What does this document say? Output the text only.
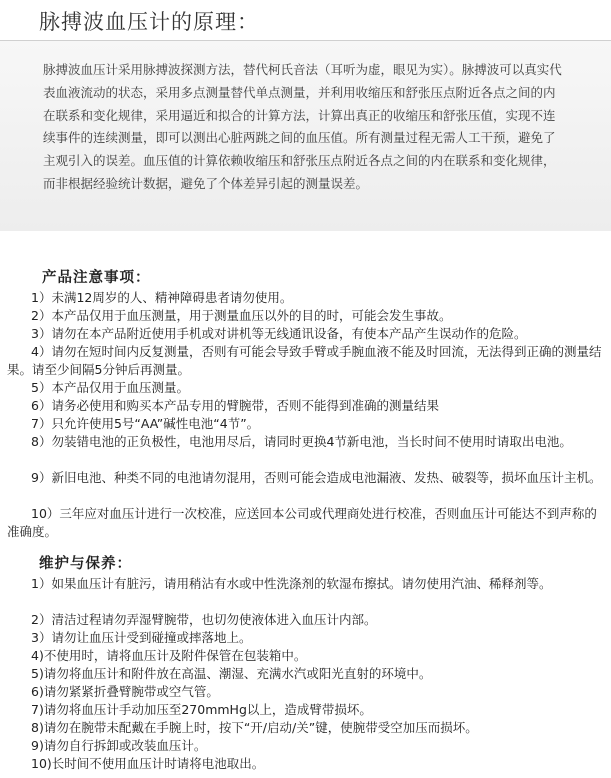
脉搏波血压计的原理：

脉搏波血压计采用脉搏波探测方法，替代柯氏音法（耳听为虚，眼见为实）。脉搏波可以真实代表血液流动的状态，采用多点测量替代单点测量，并利用收缩压和舒张压点附近各点之间的内在联系和变化规律，采用逼近和拟合的计算方法，计算出真正的收缩压和舒张压值，实现不连续事件的连续测量，即可以测出心脏两跳之间的血压值。所有测量过程无需人工干预，避免了主观引入的误差。血压值的计算依赖收缩压和舒张压点附近各点之间的内在联系和变化规律，而非根据经验统计数据，避免了个体差异引起的测量误差。

产品注意事项：

1）未满12周岁的人、精神障碍患者请勿使用。

2）本产品仅用于血压测量，用于测量血压以外的目的时，可能会发生事故。

3）请勿在本产品附近使用手机或对讲机等无线通讯设备，有使本产品产生误动作的危险。

4）请勿在短时间内反复测量，否则有可能会导致手臂或手腕血液不能及时回流，无法得到正确的测量结果。请至少间隔5分钟后再测量。

5）本产品仅用于血压测量。

6）请务必使用和购买本产品专用的臂腕带，否则不能得到准确的测量结果

7）只允许使用5号“AA”碱性电池“4节”。

8）勿装错电池的正负极性，电池用尽后，请同时更换4节新电池，当长时间不使用时请取出电池。

9）新旧电池、种类不同的电池请勿混用，否则可能会造成电池漏液、发热、破裂等，损坏血压计主机。

10）三年应对血压计进行一次校准，应送回本公司或代理商处进行校准，否则血压计可能达不到声称的准确度。

维护与保养：

1）如果血压计有脏污，请用稍沾有水或中性洗涤剂的软湿布擦拭。请勿使用汽油、稀释剂等。

2）清洁过程请勿弄湿臂腕带，也切勿使液体进入血压计内部。

3）请勿让血压计受到碰撞或摔落地上。

4)不使用时，请将血压计及附件保管在包装箱中。

5)请勿将血压计和附件放在高温、潮湿、充满水汽或阳光直射的环境中。

6)请勿紧紧折叠臂腕带或空气管。

7)请勿将血压计手动加压至270mmHg以上，造成臂带损坏。

8)请勿在腕带未配戴在手腕上时，按下“开/启动/关”键，使腕带受空加压而损坏。

9)请勿自行拆卸或改装血压计。

10)长时间不使用血压计时请将电池取出。
